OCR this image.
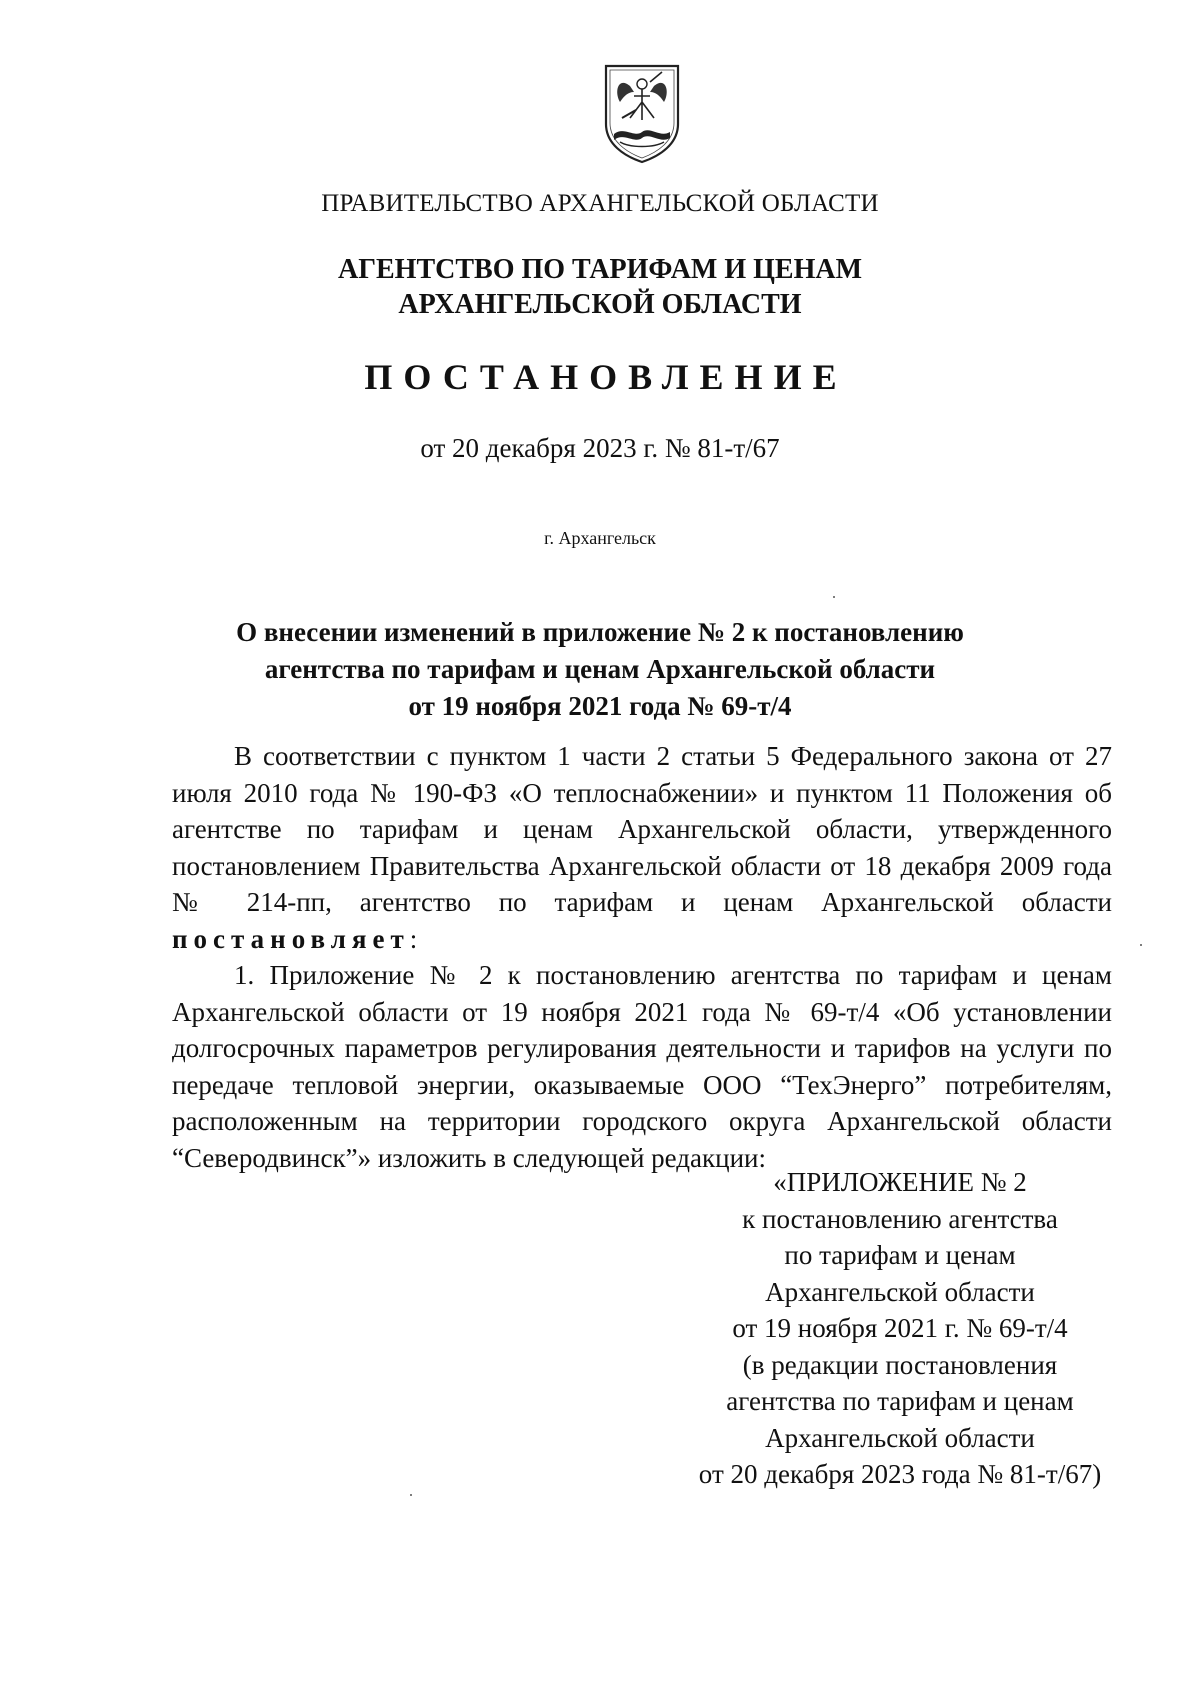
ПРАВИТЕЛЬСТВО АРХАНГЕЛЬСКОЙ ОБЛАСТИ
АГЕНТСТВО ПО ТАРИФАМ И ЦЕНАМ
АРХАНГЕЛЬСКОЙ ОБЛАСТИ
ПОСТАНОВЛЕНИЕ
от 20 декабря 2023 г. № 81-т/67
г. Архангельск
О внесении изменений в приложение № 2 к постановлению
агентства по тарифам и ценам Архангельской области
от 19 ноября 2021 года № 69-т/4

В соответствии с пунктом 1 части 2 статьи 5 Федерального закона от 27 июля 2010 года № 190-ФЗ «О теплоснабжении» и пунктом 11 Положения об агентстве по тарифам и ценам Архангельской области, утвержденного постановлением Правительства Архангельской области от 18 декабря 2009 года № 214-пп, агентство по тарифам и ценам Архангельской области постановляет:

1. Приложение № 2 к постановлению агентства по тарифам и ценам Архангельской области от 19 ноября 2021 года № 69-т/4 «Об установлении долгосрочных параметров регулирования деятельности и тарифов на услуги по передаче тепловой энергии, оказываемые ООО “ТехЭнерго” потребителям, расположенным на территории городского округа Архангельской области “Северодвинск”» изложить в следующей редакции:

«ПРИЛОЖЕНИЕ № 2
к постановлению агентства
по тарифам и ценам
Архангельской области
от 19 ноября 2021 г. № 69-т/4
(в редакции постановления
агентства по тарифам и ценам
Архангельской области
от 20 декабря 2023 года № 81-т/67)
